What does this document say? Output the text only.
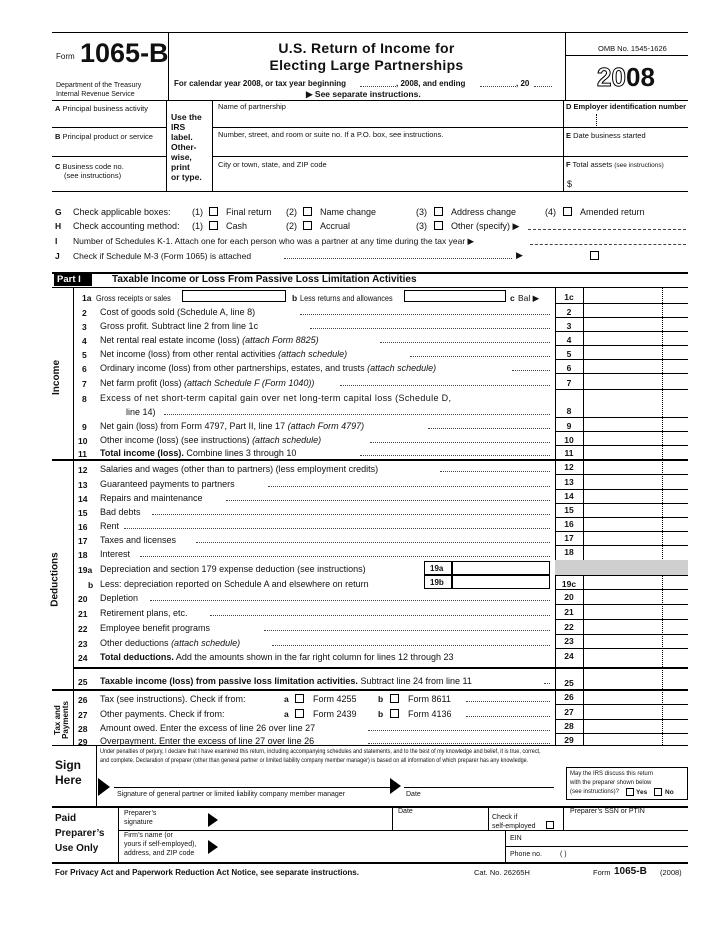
Form 1065-B
Department of the Treasury
Internal Revenue Service
U.S. Return of Income for
Electing Large Partnerships
For calendar year 2008, or tax year beginning	, 2008, and ending	, 20
▶ See separate instructions.
OMB No. 1545-1626
20 08
A Principal business activity
B Principal product or service
C Business code no.
(see instructions)
Use the
IRS
label.
Other-
wise,
print
or type.
Name of partnership
Number, street, and room or suite no. If a P.O. box, see instructions.
City or town, state, and ZIP code
D Employer identification number
E Date business started
F Total assets (see instructions)
$
G Check applicable boxes: (1)	Final return (2)	Name change	(3)	Address change	(4)	Amended return
H Check accounting method: (1)	Cash	(2)	Accrual	(3)	Other (specify) ▶
I Number of Schedules K-1. Attach one for each person who was a partner at any time during the tax year ▶
J Check if Schedule M-3 (Form 1065) is attached	▶
Part I	Taxable Income or Loss From Passive Loss Limitation Activities
Income
Deductions
Tax and Payments
1a Gross receipts or sales	b Less returns and allowances	c Bal ▶	1c
2 Cost of goods sold (Schedule A, line 8)	2
3 Gross profit. Subtract line 2 from line 1c	3
4 Net rental real estate income (loss) (attach Form 8825)	4
5 Net income (loss) from other rental activities (attach schedule)	5
6 Ordinary income (loss) from other partnerships, estates, and trusts (attach schedule)	6
7 Net farm profit (loss) (attach Schedule F (Form 1040))	7
8 Excess of net short-term capital gain over net long-term capital loss (Schedule D,
line 14)	8
9 Net gain (loss) from Form 4797, Part II, line 17 (attach Form 4797)	9
10 Other income (loss) (see instructions) (attach schedule)	10
11 Total income (loss). Combine lines 3 through 10	11
12 Salaries and wages (other than to partners) (less employment credits)	12
13 Guaranteed payments to partners	13
14 Repairs and maintenance	14
15 Bad debts	15
16 Rent	16
17 Taxes and licenses	17
18 Interest	18
19a Depreciation and section 179 expense deduction (see instructions)	19a
b Less: depreciation reported on Schedule A and elsewhere on return	19b	19c
20 Depletion	20
21 Retirement plans, etc.	21
22 Employee benefit programs	22
23 Other deductions (attach schedule)	23
24 Total deductions. Add the amounts shown in the far right column for lines 12 through 23	24
25 Taxable income (loss) from passive loss limitation activities. Subtract line 24 from line 11	25
26 Tax (see instructions). Check if from:	a	Form 4255	b	Form 8611	26
27 Other payments. Check if from:	a	Form 2439	b	Form 4136	27
28 Amount owed. Enter the excess of line 26 over line 27	28
29 Overpayment. Enter the excess of line 27 over line 26	29
Under penalties of perjury, I declare that I have examined this return, including accompanying schedules and statements, and to the best of my knowledge and belief, it is true, correct,
and complete. Declaration of preparer (other than general partner or limited liability company member manager) is based on all information of which preparer has any knowledge.
Sign
Here
Signature of general partner or limited liability company member manager	Date
May the IRS discuss this return
with the preparer shown below
(see instructions)?	Yes	No
Paid
Preparer’s
Use Only
Preparer’s
signature
Date
Check if
self-employed
Preparer’s SSN or PTIN
Firm’s name (or
yours if self-employed),
address, and ZIP code
EIN
Phone no.	( )
For Privacy Act and Paperwork Reduction Act Notice, see separate instructions.	Cat. No. 26265H	Form 1065-B (2008)
